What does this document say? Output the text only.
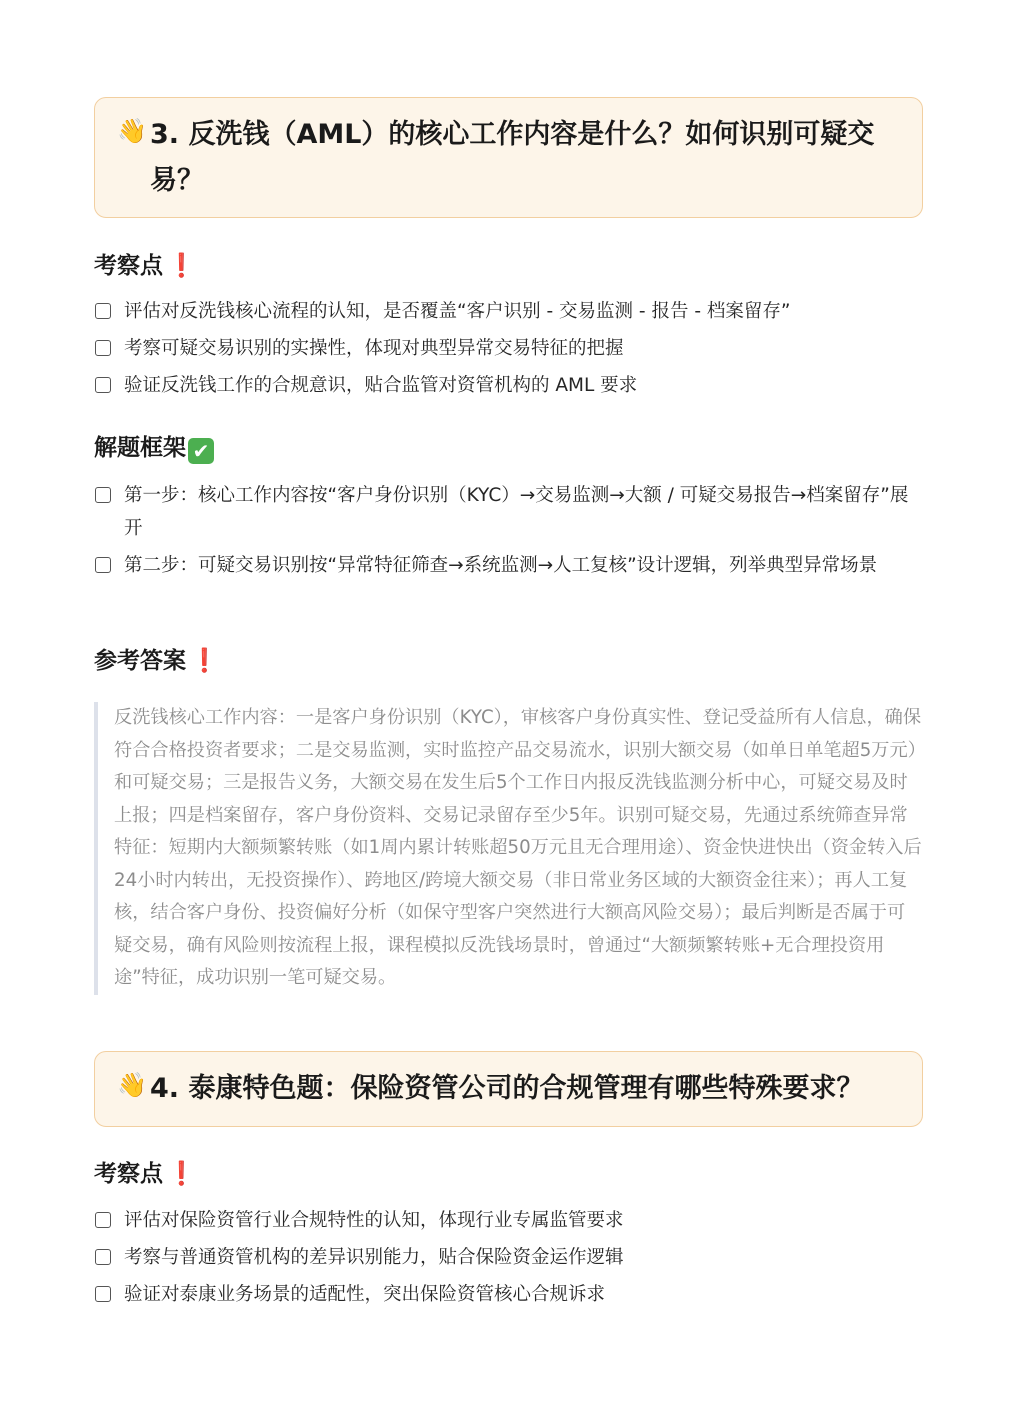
👋 3. 反洗钱（AML）的核心工作内容是什么？如何识别可疑交易？
考察点 ❗
评估对反洗钱核心流程的认知，是否覆盖“客户识别 - 交易监测 - 报告 - 档案留存”
考察可疑交易识别的实操性，体现对典型异常交易特征的把握
验证反洗钱工作的合规意识，贴合监管对资管机构的 AML 要求
解题框架 ✔
第一步：核心工作内容按“客户身份识别（KYC）→交易监测→大额 / 可疑交易报告→档案留存”展开
第二步：可疑交易识别按“异常特征筛查→系统监测→人工复核”设计逻辑，列举典型异常场景
参考答案 ❗

反洗钱核心工作内容：一是客户身份识别（KYC），审核客户身份真实性、登记受益所有人信息，确保符合合格投资者要求；二是交易监测，实时监控产品交易流水，识别大额交易（如单日单笔超5万元）和可疑交易；三是报告义务，大额交易在发生后5个工作日内报反洗钱监测分析中心，可疑交易及时上报；四是档案留存，客户身份资料、交易记录留存至少5年。识别可疑交易，先通过系统筛查异常特征：短期内大额频繁转账（如1周内累计转账超50万元且无合理用途）、资金快进快出（资金转入后24小时内转出，无投资操作）、跨地区/跨境大额交易（非日常业务区域的大额资金往来）；再人工复核，结合客户身份、投资偏好分析（如保守型客户突然进行大额高风险交易）；最后判断是否属于可疑交易，确有风险则按流程上报，课程模拟反洗钱场景时，曾通过“大额频繁转账+无合理投资用途”特征，成功识别一笔可疑交易。

👋 4. 泰康特色题：保险资管公司的合规管理有哪些特殊要求？
考察点 ❗
评估对保险资管行业合规特性的认知，体现行业专属监管要求
考察与普通资管机构的差异识别能力，贴合保险资金运作逻辑
验证对泰康业务场景的适配性，突出保险资管核心合规诉求
